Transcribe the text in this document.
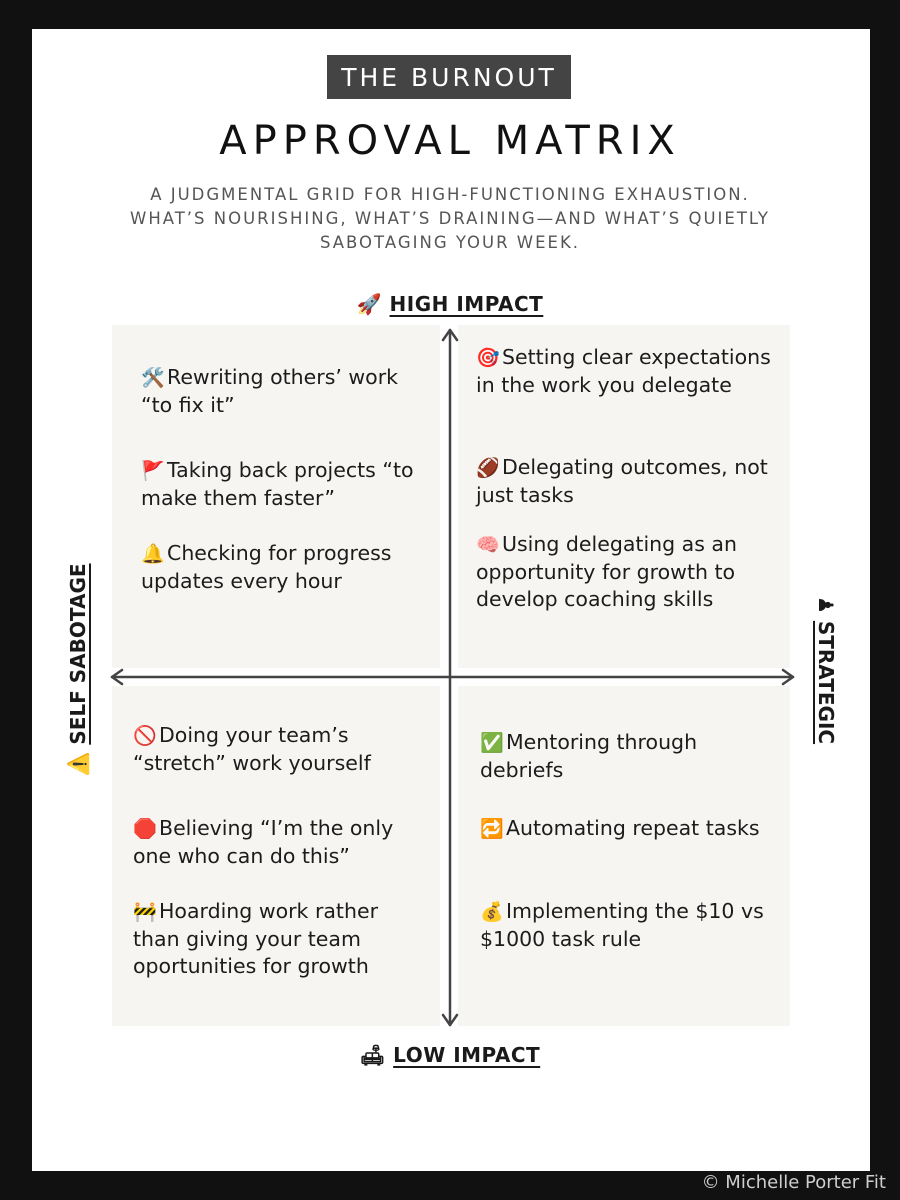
THE BURNOUT
APPROVAL MATRIX
A JUDGMENTAL GRID FOR HIGH-FUNCTIONING EXHAUSTION. WHAT’S NOURISHING, WHAT’S DRAINING—AND WHAT’S QUIETLY SABOTAGING YOUR WEEK.
🚀 HIGH IMPACT
🛋 LOW IMPACT
⚠️ SELF SABOTAGE	♟ STRATEGIC
🛠️ Rewriting others’ work “to fix it”
🚩 Taking back projects “to make them faster”
🔔 Checking for progress updates every hour
🎯 Setting clear expectations in the work you delegate
🏈 Delegating outcomes, not just tasks
🧠 Using delegating as an opportunity for growth to develop coaching skills
🚫 Doing your team’s “stretch” work yourself
🛑 Believing “I’m the only one who can do this”
🚧 Hoarding work rather than giving your team oportunities for growth
✅ Mentoring through debriefs
🔁 Automating repeat tasks
💰 Implementing the $10 vs $1000 task rule
© Michelle Porter Fit
